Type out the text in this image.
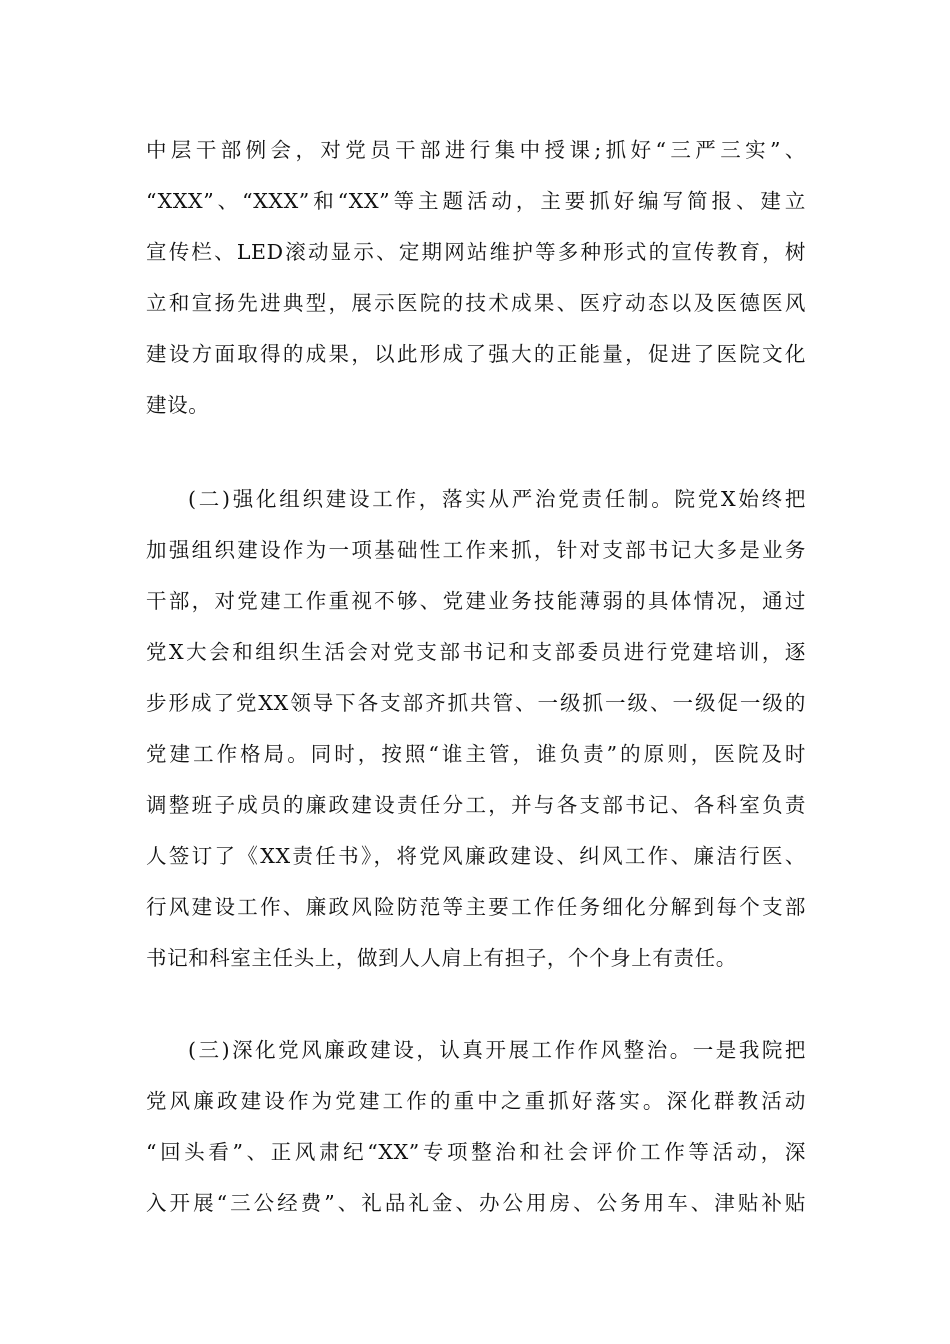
中层干部例会，对党员干部进行集中授课;抓好“三严三实”、
“XXX”、“XXX”和“XX”等主题活动，主要抓好编写简报、建立
宣传栏、LED滚动显示、定期网站维护等多种形式的宣传教育，树
立和宣扬先进典型，展示医院的技术成果、医疗动态以及医德医风
建设方面取得的成果，以此形成了强大的正能量，促进了医院文化
建设。
(二)强化组织建设工作，落实从严治党责任制。院党X始终把
加强组织建设作为一项基础性工作来抓，针对支部书记大多是业务
干部，对党建工作重视不够、党建业务技能薄弱的具体情况，通过
党X大会和组织生活会对党支部书记和支部委员进行党建培训，逐
步形成了党XX领导下各支部齐抓共管、一级抓一级、一级促一级的
党建工作格局。同时，按照“谁主管，谁负责”的原则，医院及时
调整班子成员的廉政建设责任分工，并与各支部书记、各科室负责
人签订了《XX责任书》，将党风廉政建设、纠风工作、廉洁行医、
行风建设工作、廉政风险防范等主要工作任务细化分解到每个支部
书记和科室主任头上，做到人人肩上有担子，个个身上有责任。
(三)深化党风廉政建设，认真开展工作作风整治。一是我院把
党风廉政建设作为党建工作的重中之重抓好落实。深化群教活动
“回头看”、正风肃纪“XX”专项整治和社会评价工作等活动，深
入开展“三公经费”、礼品礼金、办公用房、公务用车、津贴补贴
